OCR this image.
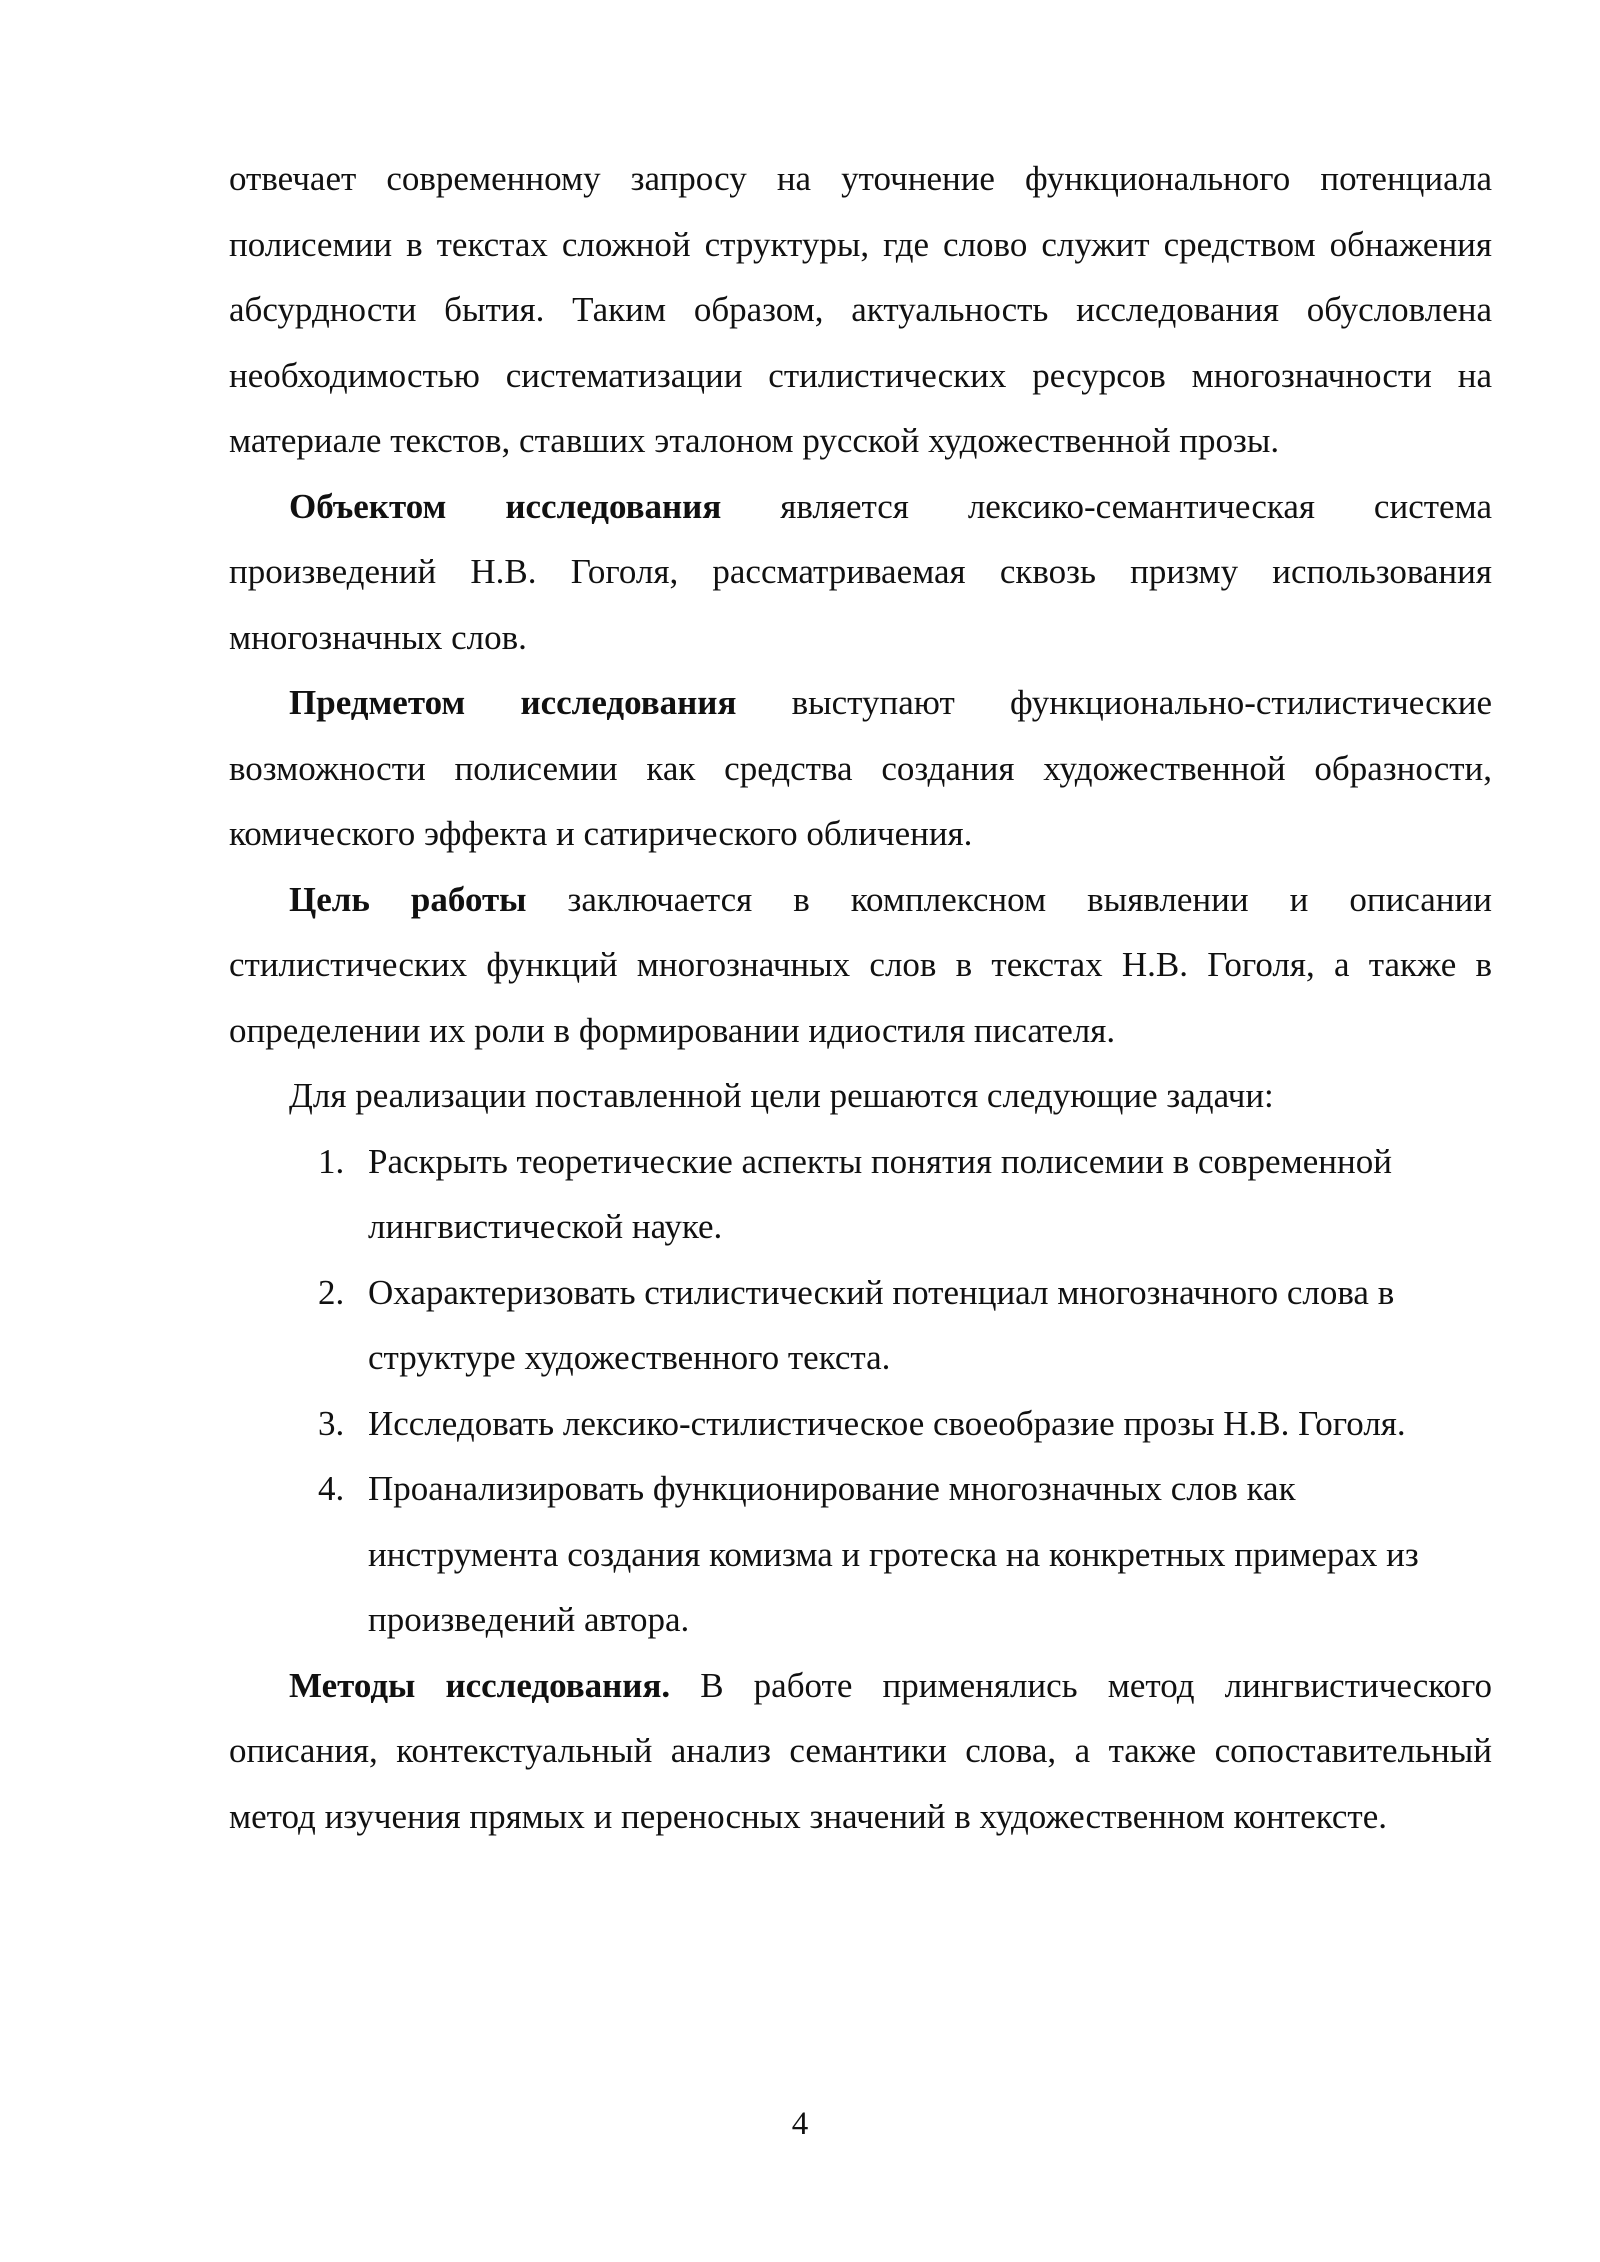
отвечает современному запросу на уточнение функционального потенциала полисемии в текстах сложной структуры, где слово служит средством обнажения абсурдности бытия. Таким образом, актуальность исследования обусловлена необходимостью систематизации стилистических ресурсов многозначности на материале текстов, ставших эталоном русской художественной прозы.

Объектом исследования является лексико-семантическая система произведений Н.В. Гоголя, рассматриваемая сквозь призму использования многозначных слов.

Предметом исследования выступают функционально-стилистические возможности полисемии как средства создания художественной образности, комического эффекта и сатирического обличения.

Цель работы заключается в комплексном выявлении и описании стилистических функций многозначных слов в текстах Н.В. Гоголя, а также в определении их роли в формировании идиостиля писателя.

Для реализации поставленной цели решаются следующие задачи:

1. Раскрыть теоретические аспекты понятия полисемии в современной лингвистической науке.
2. Охарактеризовать стилистический потенциал многозначного слова в структуре художественного текста.
3. Исследовать лексико-стилистическое своеобразие прозы Н.В. Гоголя.
4. Проанализировать функционирование многозначных слов как инструмента создания комизма и гротеска на конкретных примерах из произведений автора.

Методы исследования. В работе применялись метод лингвистического описания, контекстуальный анализ семантики слова, а также сопоставительный метод изучения прямых и переносных значений в художественном контексте.

4
